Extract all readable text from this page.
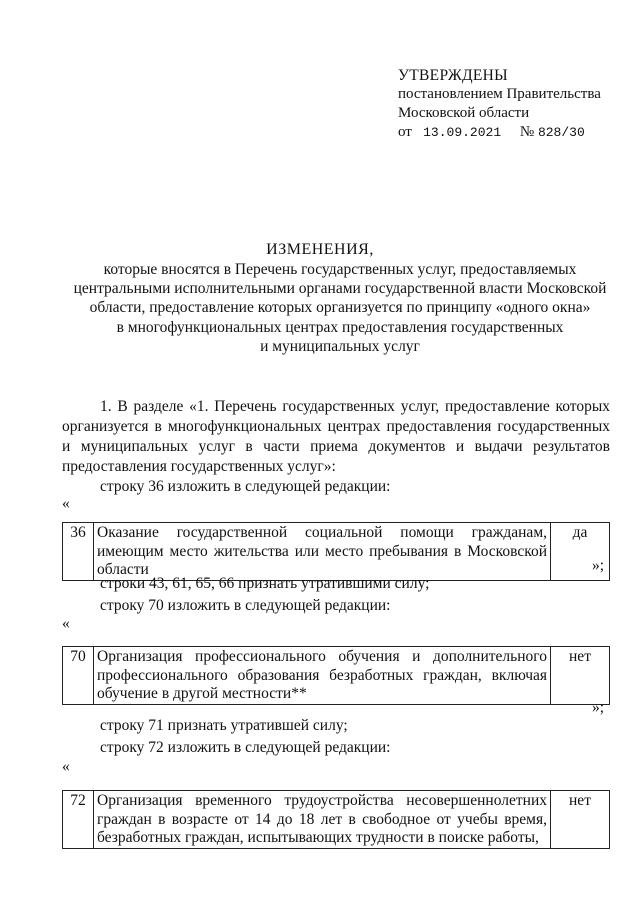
УТВЕРЖДЕНЫ
постановлением Правительства
Московской области
от 13.09.2021 № 828/30
ИЗМЕНЕНИЯ,
которые вносятся в Перечень государственных услуг, предоставляемых
центральными исполнительными органами государственной власти Московской
области, предоставление которых организуется по принципу «одного окна»
в многофункциональных центрах предоставления государственных
и муниципальных услуг
1. В разделе «1. Перечень государственных услуг, предоставление которых организуется в многофункциональных центрах предоставления государственных и муниципальных услуг в части приема документов и выдачи результатов предоставления государственных услуг»:
строку 36 изложить в следующей редакции:
«
36	Оказание государственной социальной помощи гражданам, имеющим место жительства или место пребывания в Московской области	да
»;
строки 43, 61, 65, 66 признать утратившими силу;
строку 70 изложить в следующей редакции:
«
70	Организация профессионального обучения и дополнительного профессионального образования безработных граждан, включая обучение в другой местности**	нет
»;
строку 71 признать утратившей силу;
строку 72 изложить в следующей редакции:
«
72	Организация временного трудоустройства несовершеннолетних граждан в возрасте от 14 до 18 лет в свободное от учебы время, безработных граждан, испытывающих трудности в поиске работы,	нет
